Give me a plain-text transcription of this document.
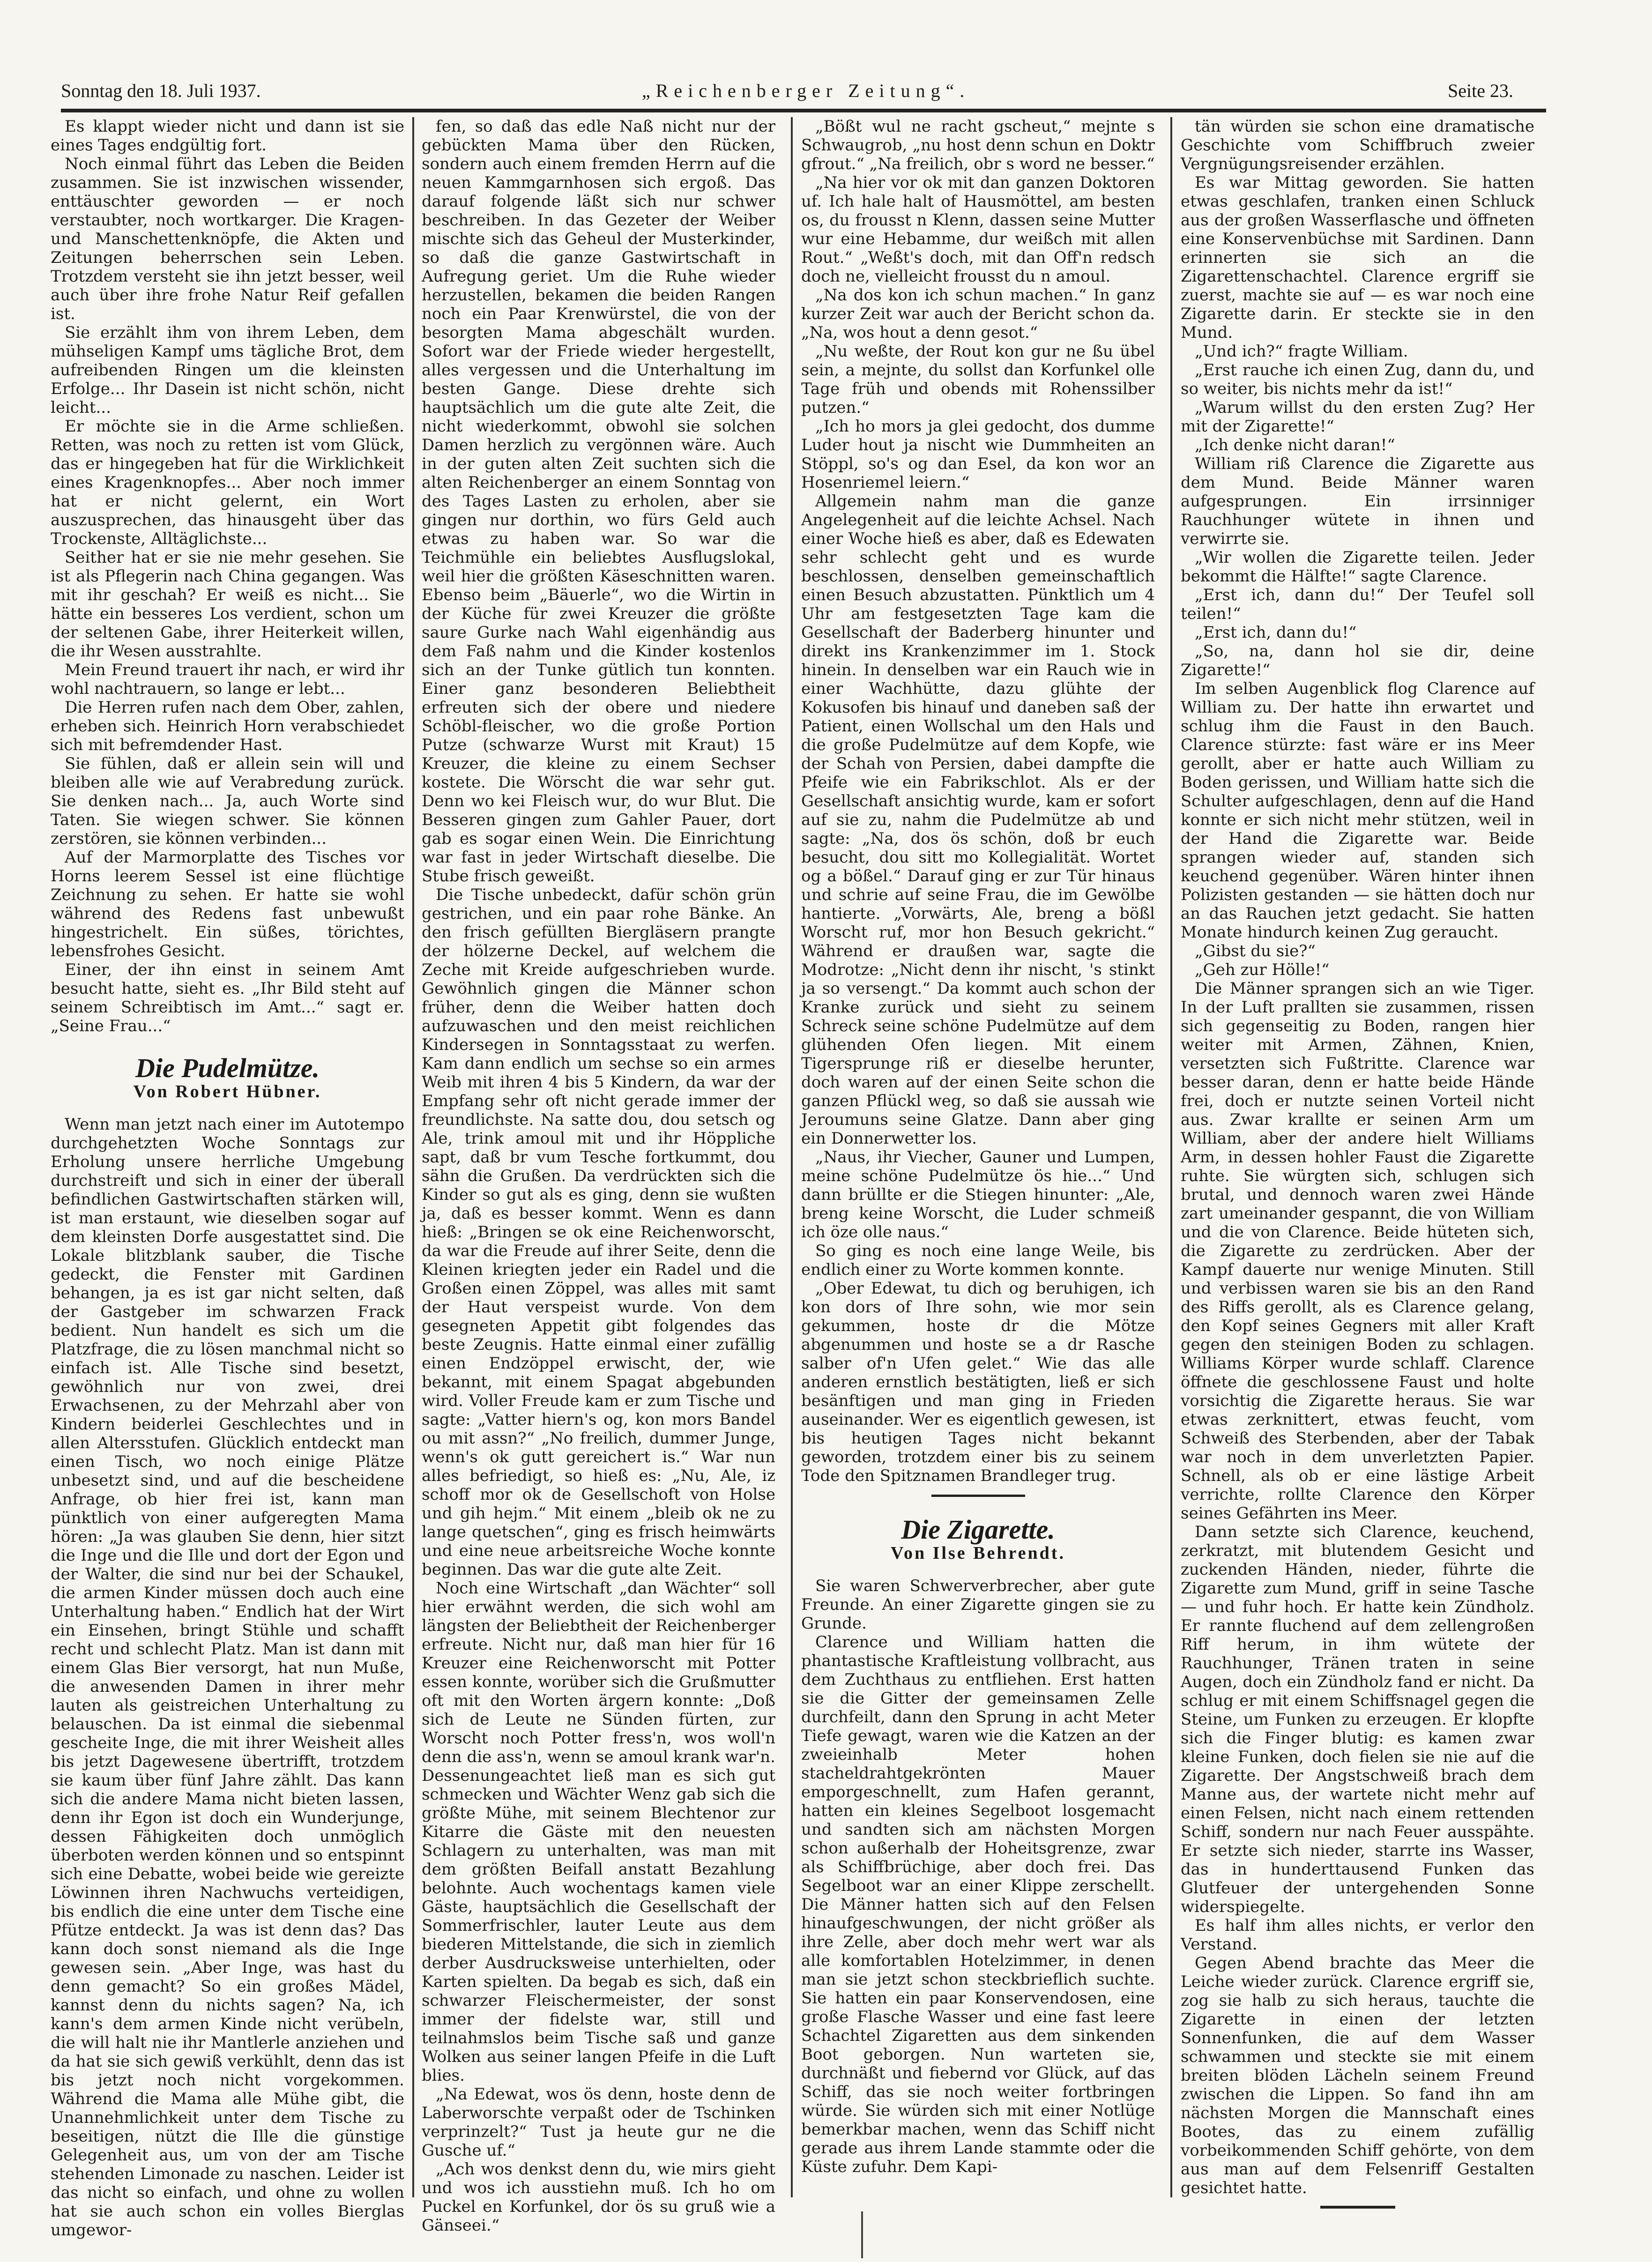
Sonntag den 18. Juli 1937.	„Reichenberger Zeitung“.	Seite 23.

Es klappt wieder nicht und dann ist sie eines Tages endgültig fort.

Noch einmal führt das Leben die Beiden zusammen. Sie ist inzwischen wissender, enttäuschter geworden — er noch verstaubter, noch wortkarger. Die Kragen- und Manschettenknöpfe, die Akten und Zeitungen beherrschen sein Leben. Trotzdem versteht sie ihn jetzt besser, weil auch über ihre frohe Natur Reif gefallen ist.

Sie erzählt ihm von ihrem Leben, dem mühseligen Kampf ums tägliche Brot, dem aufreibenden Ringen um die kleinsten Erfolge... Ihr Dasein ist nicht schön, nicht leicht...

Er möchte sie in die Arme schließen. Retten, was noch zu retten ist vom Glück, das er hingegeben hat für die Wirklichkeit eines Kragenknopfes... Aber noch immer hat er nicht gelernt, ein Wort auszusprechen, das hinausgeht über das Trockenste, Alltäglichste...

Seither hat er sie nie mehr gesehen. Sie ist als Pflegerin nach China gegangen. Was mit ihr geschah? Er weiß es nicht... Sie hätte ein besseres Los verdient, schon um der seltenen Gabe, ihrer Heiterkeit willen, die ihr Wesen ausstrahlte.

Mein Freund trauert ihr nach, er wird ihr wohl nachtrauern, so lange er lebt...

Die Herren rufen nach dem Ober, zahlen, erheben sich. Heinrich Horn verabschiedet sich mit befremdender Hast.

Sie fühlen, daß er allein sein will und bleiben alle wie auf Verabredung zurück. Sie denken nach... Ja, auch Worte sind Taten. Sie wiegen schwer. Sie können zerstören, sie können verbinden...

Auf der Marmorplatte des Tisches vor Horns leerem Sessel ist eine flüchtige Zeichnung zu sehen. Er hatte sie wohl während des Redens fast unbewußt hingestrichelt. Ein süßes, törichtes, lebensfrohes Gesicht.

Einer, der ihn einst in seinem Amt besucht hatte, sieht es. „Ihr Bild steht auf seinem Schreibtisch im Amt...“ sagt er. „Seine Frau...“

Die Pudelmütze.
Von Robert Hübner.

Wenn man jetzt nach einer im Autotempo durchgehetzten Woche Sonntags zur Erholung unsere herrliche Umgebung durchstreift und sich in einer der überall befindlichen Gastwirtschaften stärken will, ist man erstaunt, wie dieselben sogar auf dem kleinsten Dorfe ausgestattet sind. Die Lokale blitzblank sauber, die Tische gedeckt, die Fenster mit Gardinen behangen, ja es ist gar nicht selten, daß der Gastgeber im schwarzen Frack bedient. Nun handelt es sich um die Platzfrage, die zu lösen manchmal nicht so einfach ist. Alle Tische sind besetzt, gewöhnlich nur von zwei, drei Erwachsenen, zu der Mehrzahl aber von Kindern beiderlei Geschlechtes und in allen Altersstufen. Glücklich entdeckt man einen Tisch, wo noch einige Plätze unbesetzt sind, und auf die bescheidene Anfrage, ob hier frei ist, kann man pünktlich von einer aufgeregten Mama hören: „Ja was glauben Sie denn, hier sitzt die Inge und die Ille und dort der Egon und der Walter, die sind nur bei der Schaukel, die armen Kinder müssen doch auch eine Unterhaltung haben.“ Endlich hat der Wirt ein Einsehen, bringt Stühle und schafft recht und schlecht Platz. Man ist dann mit einem Glas Bier versorgt, hat nun Muße, die anwesenden Damen in ihrer mehr lauten als geistreichen Unterhaltung zu belauschen. Da ist einmal die siebenmal gescheite Inge, die mit ihrer Weisheit alles bis jetzt Dagewesene übertrifft, trotzdem sie kaum über fünf Jahre zählt. Das kann sich die andere Mama nicht bieten lassen, denn ihr Egon ist doch ein Wunderjunge, dessen Fähigkeiten doch unmöglich überboten werden können und so entspinnt sich eine Debatte, wobei beide wie gereizte Löwinnen ihren Nachwuchs verteidigen, bis endlich die eine unter dem Tische eine Pfütze entdeckt. Ja was ist denn das? Das kann doch sonst niemand als die Inge gewesen sein. „Aber Inge, was hast du denn gemacht? So ein großes Mädel, kannst denn du nichts sagen? Na, ich kann's dem armen Kinde nicht verübeln, die will halt nie ihr Mantlerle anziehen und da hat sie sich gewiß verkühlt, denn das ist bis jetzt noch nicht vorgekommen. Während die Mama alle Mühe gibt, die Unannehmlichkeit unter dem Tische zu beseitigen, nützt die Ille die günstige Gelegenheit aus, um von der am Tische stehenden Limonade zu naschen. Leider ist das nicht so einfach, und ohne zu wollen hat sie auch schon ein volles Bierglas umgewor-

fen, so daß das edle Naß nicht nur der gebückten Mama über den Rücken, sondern auch einem fremden Herrn auf die neuen Kammgarnhosen sich ergoß. Das darauf folgende läßt sich nur schwer beschreiben. In das Gezeter der Weiber mischte sich das Geheul der Musterkinder, so daß die ganze Gastwirtschaft in Aufregung geriet. Um die Ruhe wieder herzustellen, bekamen die beiden Rangen noch ein Paar Krenwürstel, die von der besorgten Mama abgeschält wurden. Sofort war der Friede wieder hergestellt, alles vergessen und die Unterhaltung im besten Gange. Diese drehte sich hauptsächlich um die gute alte Zeit, die nicht wiederkommt, obwohl sie solchen Damen herzlich zu vergönnen wäre. Auch in der guten alten Zeit suchten sich die alten Reichenberger an einem Sonntag von des Tages Lasten zu erholen, aber sie gingen nur dorthin, wo fürs Geld auch etwas zu haben war. So war die Teichmühle ein beliebtes Ausflugslokal, weil hier die größten Käseschnitten waren. Ebenso beim „Bäuerle“, wo die Wirtin in der Küche für zwei Kreuzer die größte saure Gurke nach Wahl eigenhändig aus dem Faß nahm und die Kinder kostenlos sich an der Tunke gütlich tun konnten. Einer ganz besonderen Beliebtheit erfreuten sich der obere und niedere Schöbl-fleischer, wo die große Portion Putze (schwarze Wurst mit Kraut) 15 Kreuzer, die kleine zu einem Sechser kostete. Die Wörscht die war sehr gut. Denn wo kei Fleisch wur, do wur Blut. Die Besseren gingen zum Gahler Pauer, dort gab es sogar einen Wein. Die Einrichtung war fast in jeder Wirtschaft dieselbe. Die Stube frisch geweißt.

Die Tische unbedeckt, dafür schön grün gestrichen, und ein paar rohe Bänke. An den frisch gefüllten Biergläsern prangte der hölzerne Deckel, auf welchem die Zeche mit Kreide aufgeschrieben wurde. Gewöhnlich gingen die Männer schon früher, denn die Weiber hatten doch aufzuwaschen und den meist reichlichen Kindersegen in Sonntagsstaat zu werfen. Kam dann endlich um sechse so ein armes Weib mit ihren 4 bis 5 Kindern, da war der Empfang sehr oft nicht gerade immer der freundlichste. Na satte dou, dou setsch og Ale, trink amoul mit und ihr Höppliche sapt, daß br vum Tesche fortkummt, dou sähn die Grußen. Da verdrückten sich die Kinder so gut als es ging, denn sie wußten ja, daß es besser kommt. Wenn es dann hieß: „Bringen se ok eine Reichenworscht, da war die Freude auf ihrer Seite, denn die Kleinen kriegten jeder ein Radel und die Großen einen Zöppel, was alles mit samt der Haut verspeist wurde. Von dem gesegneten Appetit gibt folgendes das beste Zeugnis. Hatte einmal einer zufällig einen Endzöppel erwischt, der, wie bekannt, mit einem Spagat abgebunden wird. Voller Freude kam er zum Tische und sagte: „Vatter hiern's og, kon mors Bandel ou mit assn?“ „No freilich, dummer Junge, wenn's ok gutt gereichert is.“ War nun alles befriedigt, so hieß es: „Nu, Ale, iz schoff mor ok de Gesellschoft von Holse und gih hejm.“ Mit einem „bleib ok ne zu lange quetschen“, ging es frisch heimwärts und eine neue arbeitsreiche Woche konnte beginnen. Das war die gute alte Zeit.

Noch eine Wirtschaft „dan Wächter“ soll hier erwähnt werden, die sich wohl am längsten der Beliebtheit der Reichenberger erfreute. Nicht nur, daß man hier für 16 Kreuzer eine Reichenworscht mit Potter essen konnte, worüber sich die Grußmutter oft mit den Worten ärgern konnte: „Doß sich de Leute ne Sünden fürten, zur Worscht noch Potter fress'n, wos woll'n denn die ass'n, wenn se amoul krank war'n. Dessenungeachtet ließ man es sich gut schmecken und Wächter Wenz gab sich die größte Mühe, mit seinem Blechtenor zur Kitarre die Gäste mit den neuesten Schlagern zu unterhalten, was man mit dem größten Beifall anstatt Bezahlung belohnte. Auch wochentags kamen viele Gäste, hauptsächlich die Gesellschaft der Sommerfrischler, lauter Leute aus dem biederen Mittelstande, die sich in ziemlich derber Ausdrucksweise unterhielten, oder Karten spielten. Da begab es sich, daß ein schwarzer Fleischermeister, der sonst immer der fidelste war, still und teilnahmslos beim Tische saß und ganze Wolken aus seiner langen Pfeife in die Luft blies.

„Na Edewat, wos ös denn, hoste denn de Laberworschte verpaßt oder de Tschinken verprinzelt?“ Tust ja heute gur ne die Gusche uf.“

„Ach wos denkst denn du, wie mirs gieht und wos ich ausstiehn muß. Ich ho om Puckel en Korfunkel, dor ös su gruß wie a Gänseei.“

„Bößt wul ne racht gscheut,“ mejnte s Schwaugrob, „nu host denn schun en Doktr gfrout.“ „Na freilich, obr s word ne besser.“

„Na hier vor ok mit dan ganzen Doktoren uf. Ich hale halt of Hausmöttel, am besten os, du frousst n Klenn, dassen seine Mutter wur eine Hebamme, dur weißch mit allen Rout.“ „Weßt's doch, mit dan Off'n redsch doch ne, vielleicht frousst du n amoul.

„Na dos kon ich schun machen.“ In ganz kurzer Zeit war auch der Bericht schon da. „Na, wos hout a denn gesot.“

„Nu weßte, der Rout kon gur ne ßu übel sein, a mejnte, du sollst dan Korfunkel olle Tage früh und obends mit Rohenssilber putzen.“

„Ich ho mors ja glei gedocht, dos dumme Luder hout ja nischt wie Dummheiten an Stöppl, so's og dan Esel, da kon wor an Hosenriemel leiern.“

Allgemein nahm man die ganze Angelegenheit auf die leichte Achsel. Nach einer Woche hieß es aber, daß es Edewaten sehr schlecht geht und es wurde beschlossen, denselben gemeinschaftlich einen Besuch abzustatten. Pünktlich um 4 Uhr am festgesetzten Tage kam die Gesellschaft der Baderberg hinunter und direkt ins Krankenzimmer im 1. Stock hinein. In denselben war ein Rauch wie in einer Wachhütte, dazu glühte der Kokusofen bis hinauf und daneben saß der Patient, einen Wollschal um den Hals und die große Pudelmütze auf dem Kopfe, wie der Schah von Persien, dabei dampfte die Pfeife wie ein Fabrikschlot. Als er der Gesellschaft ansichtig wurde, kam er sofort auf sie zu, nahm die Pudelmütze ab und sagte: „Na, dos ös schön, doß br euch besucht, dou sitt mo Kollegialität. Wortet og a bößel.“ Darauf ging er zur Tür hinaus und schrie auf seine Frau, die im Gewölbe hantierte. „Vorwärts, Ale, breng a bößl Worscht ruf, mor hon Besuch gekricht.“ Während er draußen war, sagte die Modrotze: „Nicht denn ihr nischt, 's stinkt ja so versengt.“ Da kommt auch schon der Kranke zurück und sieht zu seinem Schreck seine schöne Pudelmütze auf dem glühenden Ofen liegen. Mit einem Tigersprunge riß er dieselbe herunter, doch waren auf der einen Seite schon die ganzen Pflückl weg, so daß sie aussah wie Jeroumuns seine Glatze. Dann aber ging ein Donnerwetter los.

„Naus, ihr Viecher, Gauner und Lumpen, meine schöne Pudelmütze ös hie...“ Und dann brüllte er die Stiegen hinunter: „Ale, breng keine Worscht, die Luder schmeiß ich öze olle naus.“

So ging es noch eine lange Weile, bis endlich einer zu Worte kommen konnte.

„Ober Edewat, tu dich og beruhigen, ich kon dors of Ihre sohn, wie mor sein gekummen, hoste dr die Mötze abgenummen und hoste se a dr Rasche salber of'n Ufen gelet.“ Wie das alle anderen ernstlich bestätigten, ließ er sich besänftigen und man ging in Frieden auseinander. Wer es eigentlich gewesen, ist bis heutigen Tages nicht bekannt geworden, trotzdem einer bis zu seinem Tode den Spitznamen Brandleger trug.

Die Zigarette.
Von Ilse Behrendt.

Sie waren Schwerverbrecher, aber gute Freunde. An einer Zigarette gingen sie zu Grunde.

Clarence und William hatten die phantastische Kraftleistung vollbracht, aus dem Zuchthaus zu entfliehen. Erst hatten sie die Gitter der gemeinsamen Zelle durchfeilt, dann den Sprung in acht Meter Tiefe gewagt, waren wie die Katzen an der zweieinhalb Meter hohen stacheldrahtgekrönten Mauer emporgeschnellt, zum Hafen gerannt, hatten ein kleines Segelboot losgemacht und sandten sich am nächsten Morgen schon außerhalb der Hoheitsgrenze, zwar als Schiffbrüchige, aber doch frei. Das Segelboot war an einer Klippe zerschellt. Die Männer hatten sich auf den Felsen hinaufgeschwungen, der nicht größer als ihre Zelle, aber doch mehr wert war als alle komfortablen Hotelzimmer, in denen man sie jetzt schon steckbrieflich suchte. Sie hatten ein paar Konservendosen, eine große Flasche Wasser und eine fast leere Schachtel Zigaretten aus dem sinkenden Boot geborgen. Nun warteten sie, durchnäßt und fiebernd vor Glück, auf das Schiff, das sie noch weiter fortbringen würde. Sie würden sich mit einer Notlüge bemerkbar machen, wenn das Schiff nicht gerade aus ihrem Lande stammte oder die Küste zufuhr. Dem Kapi-

tän würden sie schon eine dramatische Geschichte vom Schiffbruch zweier Vergnügungsreisender erzählen.

Es war Mittag geworden. Sie hatten etwas geschlafen, tranken einen Schluck aus der großen Wasserflasche und öffneten eine Konservenbüchse mit Sardinen. Dann erinnerten sie sich an die Zigarettenschachtel. Clarence ergriff sie zuerst, machte sie auf — es war noch eine Zigarette darin. Er steckte sie in den Mund.

„Und ich?“ fragte William.

„Erst rauche ich einen Zug, dann du, und so weiter, bis nichts mehr da ist!“

„Warum willst du den ersten Zug? Her mit der Zigarette!“

„Ich denke nicht daran!“

William riß Clarence die Zigarette aus dem Mund. Beide Männer waren aufgesprungen. Ein irrsinniger Rauchhunger wütete in ihnen und verwirrte sie.

„Wir wollen die Zigarette teilen. Jeder bekommt die Hälfte!“ sagte Clarence.

„Erst ich, dann du!“ Der Teufel soll teilen!“

„Erst ich, dann du!“

„So, na, dann hol sie dir, deine Zigarette!“

Im selben Augenblick flog Clarence auf William zu. Der hatte ihn erwartet und schlug ihm die Faust in den Bauch. Clarence stürzte: fast wäre er ins Meer gerollt, aber er hatte auch William zu Boden gerissen, und William hatte sich die Schulter aufgeschlagen, denn auf die Hand konnte er sich nicht mehr stützen, weil in der Hand die Zigarette war. Beide sprangen wieder auf, standen sich keuchend gegenüber. Wären hinter ihnen Polizisten gestanden — sie hätten doch nur an das Rauchen jetzt gedacht. Sie hatten Monate hindurch keinen Zug geraucht.

„Gibst du sie?“

„Geh zur Hölle!“

Die Männer sprangen sich an wie Tiger. In der Luft prallten sie zusammen, rissen sich gegenseitig zu Boden, rangen hier weiter mit Armen, Zähnen, Knien, versetzten sich Fußtritte. Clarence war besser daran, denn er hatte beide Hände frei, doch er nutzte seinen Vorteil nicht aus. Zwar krallte er seinen Arm um William, aber der andere hielt Williams Arm, in dessen hohler Faust die Zigarette ruhte. Sie würgten sich, schlugen sich brutal, und dennoch waren zwei Hände zart umeinander gespannt, die von William und die von Clarence. Beide hüteten sich, die Zigarette zu zerdrücken. Aber der Kampf dauerte nur wenige Minuten. Still und verbissen waren sie bis an den Rand des Riffs gerollt, als es Clarence gelang, den Kopf seines Gegners mit aller Kraft gegen den steinigen Boden zu schlagen. Williams Körper wurde schlaff. Clarence öffnete die geschlossene Faust und holte vorsichtig die Zigarette heraus. Sie war etwas zerknittert, etwas feucht, vom Schweiß des Sterbenden, aber der Tabak war noch in dem unverletzten Papier. Schnell, als ob er eine lästige Arbeit verrichte, rollte Clarence den Körper seines Gefährten ins Meer.

Dann setzte sich Clarence, keuchend, zerkratzt, mit blutendem Gesicht und zuckenden Händen, nieder, führte die Zigarette zum Mund, griff in seine Tasche — und fuhr hoch. Er hatte kein Zündholz. Er rannte fluchend auf dem zellengroßen Riff herum, in ihm wütete der Rauchhunger, Tränen traten in seine Augen, doch ein Zündholz fand er nicht. Da schlug er mit einem Schiffsnagel gegen die Steine, um Funken zu erzeugen. Er klopfte sich die Finger blutig: es kamen zwar kleine Funken, doch fielen sie nie auf die Zigarette. Der Angstschweiß brach dem Manne aus, der wartete nicht mehr auf einen Felsen, nicht nach einem rettenden Schiff, sondern nur nach Feuer ausspähte. Er setzte sich nieder, starrte ins Wasser, das in hunderttausend Funken das Glutfeuer der untergehenden Sonne widerspiegelte.

Es half ihm alles nichts, er verlor den Verstand.

Gegen Abend brachte das Meer die Leiche wieder zurück. Clarence ergriff sie, zog sie halb zu sich heraus, tauchte die Zigarette in einen der letzten Sonnenfunken, die auf dem Wasser schwammen und steckte sie mit einem breiten blöden Lächeln seinem Freund zwischen die Lippen. So fand ihn am nächsten Morgen die Mannschaft eines Bootes, das zu einem zufällig vorbeikommenden Schiff gehörte, von dem aus man auf dem Felsenriff Gestalten gesichtet hatte.
